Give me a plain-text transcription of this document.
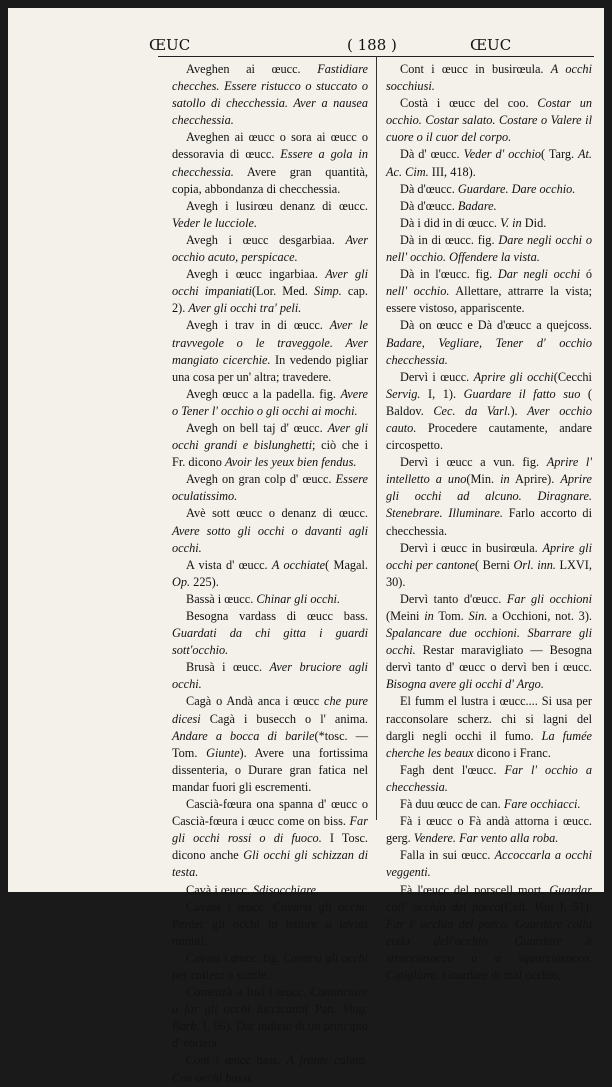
ŒUC	( 188 )	ŒUC

Aveghen ai œucc. Fastidiare checches. Essere ristucco o stuccato o satollo di checchessia. Aver a nausea checchessia.

Aveghen ai œucc o sora ai œucc o dessoravia di œucc. Essere a gola in checchessia. Avere gran quantità, copia, abbondanza di checchessia.

Avegh i lusirœu denanz di œucc. Veder le lucciole.

Avegh i œucc desgarbiaa. Aver occhio acuto, perspicace.

Avegh i œucc ingarbiaa. Aver gli occhi impaniati(Lor. Med. Simp. cap. 2). Aver gli occhi tra' peli.

Avegh i trav in di œucc. Aver le travvegole o le traveggole. Aver mangiato cicerchie. In vedendo pigliar una cosa per un' altra; travedere.

Avegh œucc a la padella. fig. Avere o Tener l' occhio o gli occhi ai mochi.

Avegh on bell taj d' œucc. Aver gli occhi grandi e bislunghetti; ciò che i Fr. dicono Avoir les yeux bien fendus.

Avegh on gran colp d' œucc. Essere oculatissimo.

Avè sott œucc o denanz di œucc. Avere sotto gli occhi o davanti agli occhi.

A vista d' œucc. A occhiate( Magal. Op. 225).

Bassà i œucc. Chinar gli occhi.

Besogna vardass di œucc bass. Guardati da chi gitta i guardi sott'occhio.

Brusà i œucc. Aver bruciore agli occhi.

Cagà o Andà anca i œucc che pure dicesi Cagà i busecch o l' anima. Andare a bocca di barile(*tosc. — Tom. Giunte). Avere una fortissima dissenteria, o Durare gran fatica nel mandar fuori gli escrementi.

Cascià-fœura ona spanna d' œucc o Cascià-fœura i œucc come on biss. Far gli occhi rossi o di fuoco. I Tosc. dicono anche Gli occhi gli schizzan di testa.

Cavà i œucc. Sdisocchiare.

Cavass i œucc. Cavarsi gli occhi. Perder gli occhi in letture o lavori minuti.

Cavass i œucc. fig. Cavarsi gli occhi per collera o simile.

Comenzà a lusì i œucc. Cominciare a far gli occhi luccicanti( Pan. Viag. Barb. I, 66). Dar indizio di un principio d' ebrietà.

Cont i œucc bass. A fronte calata. Con occhi bassi.

Cont i œucc in busirœula. A occhi socchiusi.

Costà i œucc del coo. Costar un occhio. Costar salato. Costare o Valere il cuore o il cuor del corpo.

Dà d' œucc. Veder d' occhio( Targ. At. Ac. Cim. III, 418).

Dà d'œucc. Guardare. Dare occhio.

Dà d'œucc. Badare.

Dà i did in di œucc. V. in Did.

Dà in di œucc. fig. Dare negli occhi o nell' occhio. Offendere la vista.

Dà in l'œucc. fig. Dar negli occhi ó nell' occhio. Allettare, attrarre la vista; essere vistoso, appariscente.

Dà on œucc e Dà d'œucc a quejcoss. Badare, Vegliare, Tener d' occhio checchessia.

Dervì i œucc. Aprire gli occhi(Cecchi Servig. I, 1). Guardare il fatto suo ( Baldov. Cec. da Varl.). Aver occhio cauto. Procedere cautamente, andare circospetto.

Dervì i œucc a vun. fig. Aprire l' intelletto a uno(Min. in Aprire). Aprire gli occhi ad alcuno. Diragnare. Stenebrare. Illuminare. Farlo accorto di checchessia.

Dervì i œucc in busirœula. Aprire gli occhi per cantone( Berni Orl. inn. LXVI, 30).

Dervì tanto d'œucc. Far gli occhioni (Meini in Tom. Sin. a Occhioni, not. 3). Spalancare due occhioni. Sbarrare gli occhi. Restar maravigliato — Besogna dervì tanto d' œucc o dervì ben i œucc. Bisogna avere gli occhi d' Argo.

El fumm el lustra i œucc.... Si usa per racconsolare scherz. chi si lagni del dargli negli occhi il fumo. La fumée cherche les beaux dicono i Franc.

Fagh dent l'œucc. Far l' occhio a checchessia.

Fà duu œucc de can. Fare occhiacci.

Fà i œucc o Fà andà attorna i œucc. gerg. Vendere. Far vento alla roba.

Falla in sui œucc. Accoccarla a occhi veggenti.

Fà l'œucc del porscell mort. Guardar coll' occhio del porco(Cell. Vita I, 51). Far l' occhio del porco. Guardare colla coda dell'occhio. Guardare a stracciasacco o a squarciasacco. Cipigliare. Guardare di mal occhio,
